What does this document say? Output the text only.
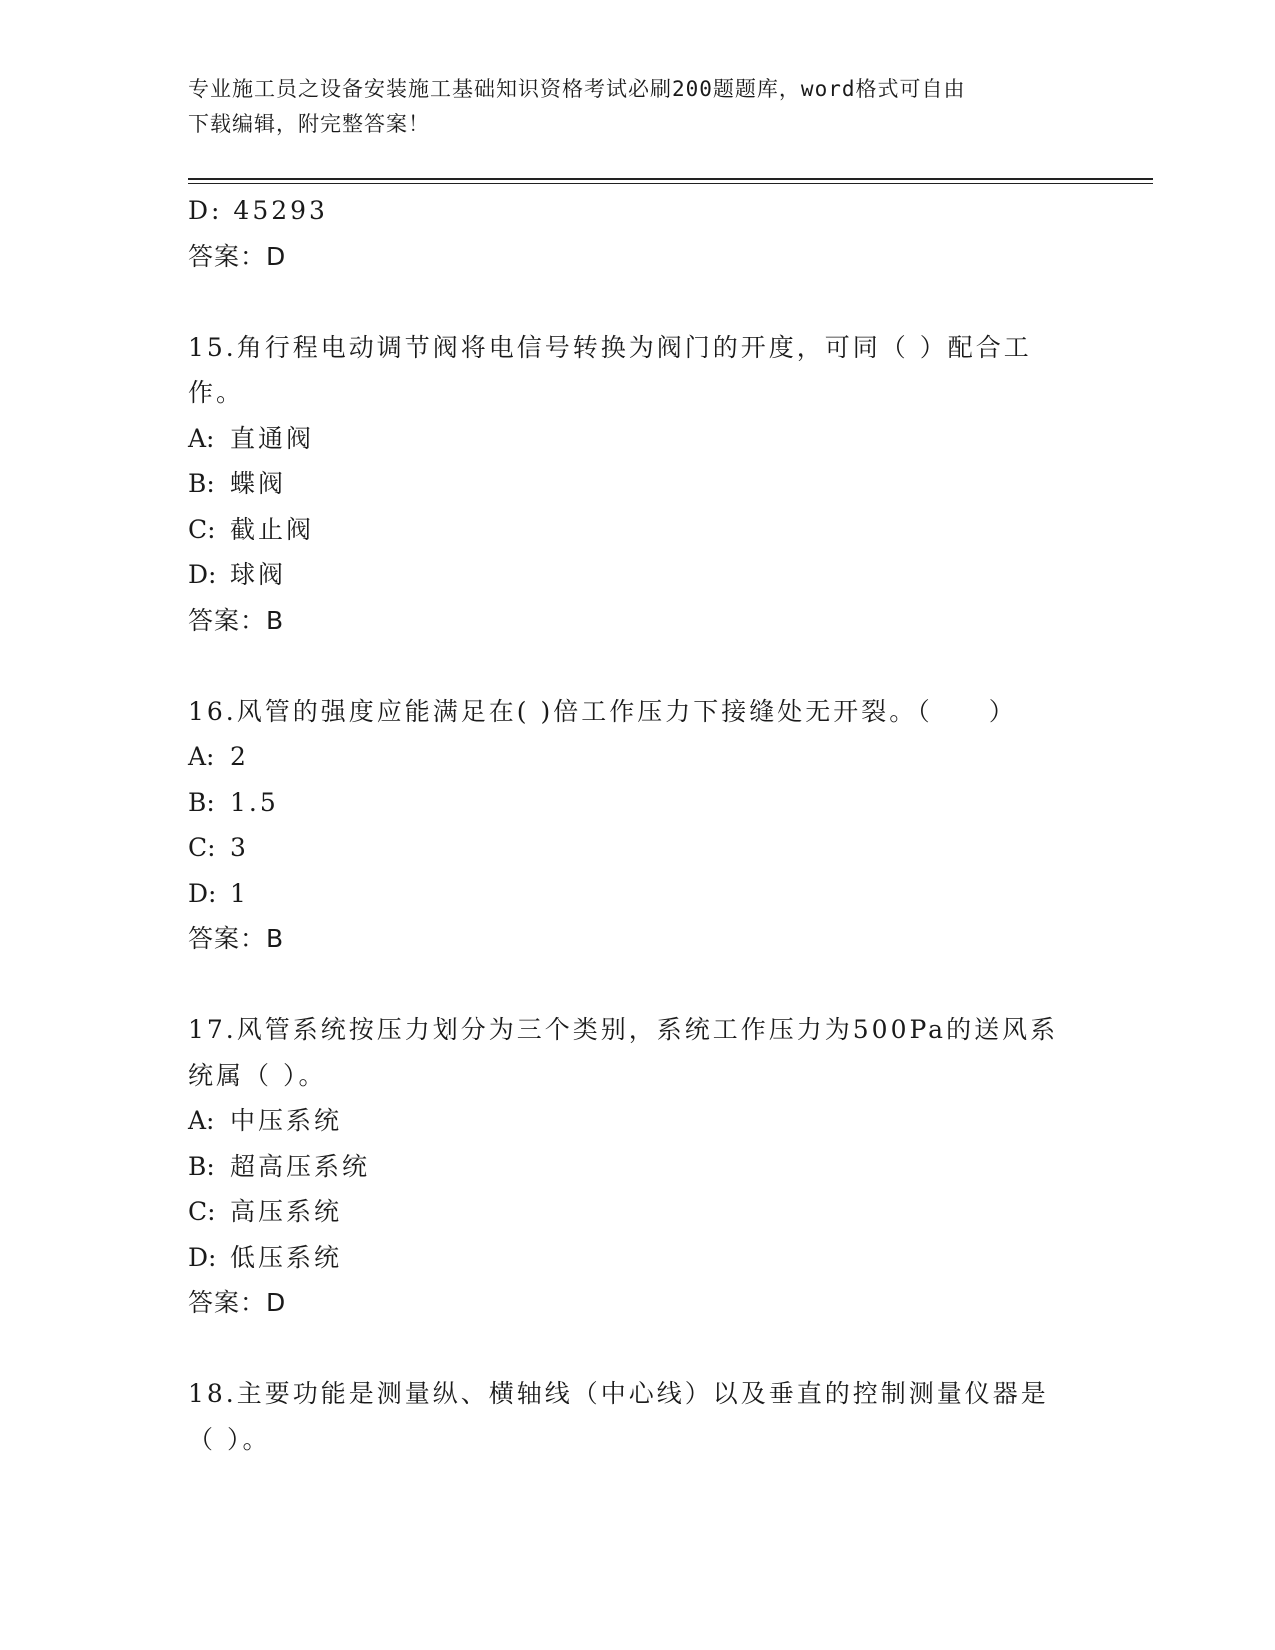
专业施工员之设备安装施工基础知识资格考试必刷200题题库，word格式可自由
下载编辑，附完整答案！
D: 45293
答案：D
15.角行程电动调节阀将电信号转换为阀门的开度，可同（ ）配合工
作。
A: 直通阀
B: 蝶阀
C: 截止阀
D: 球阀
答案：B
16.风管的强度应能满足在( )倍工作压力下接缝处无开裂。（　　）
A: 2
B: 1.5
C: 3
D: 1
答案：B
17.风管系统按压力划分为三个类别，系统工作压力为500Pa的送风系
统属（ ）。
A: 中压系统
B: 超高压系统
C: 高压系统
D: 低压系统
答案：D
18.主要功能是测量纵、横轴线（中心线）以及垂直的控制测量仪器是
（ ）。
